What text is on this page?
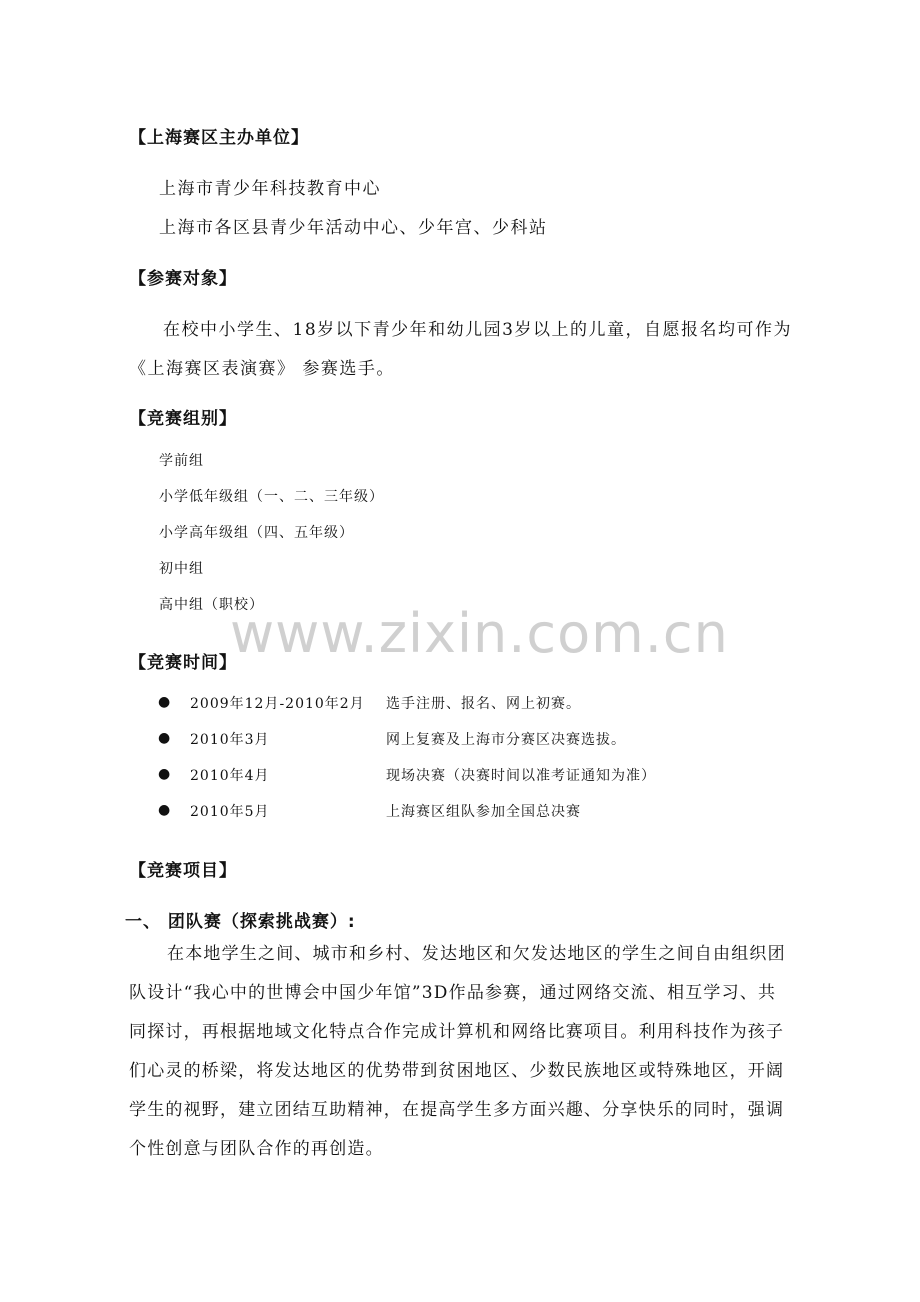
www.zixin.com.cn
【上海赛区主办单位】
上海市青少年科技教育中心
上海市各区县青少年活动中心、少年宫、少科站
【参赛对象】
在校中小学生、18岁以下青少年和幼儿园3岁以上的儿童，自愿报名均可作为
《上海赛区表演赛》 参赛选手。
【竞赛组别】
学前组
小学低年级组（一、二、三年级）
小学高年级组（四、五年级）
初中组
高中组（职校）
【竞赛时间】
● 2009年12月-2010年2月 选手注册、报名、网上初赛。
● 2010年3月	网上复赛及上海市分赛区决赛选拔。
● 2010年4月	现场决赛（决赛时间以准考证通知为准）
● 2010年5月	上海赛区组队参加全国总决赛
【竞赛项目】
一、 团队赛（探索挑战赛）:
在本地学生之间、城市和乡村、发达地区和欠发达地区的学生之间自由组织团
队设计“我心中的世博会中国少年馆”3D作品参赛，通过网络交流、相互学习、共
同探讨，再根据地域文化特点合作完成计算机和网络比赛项目。利用科技作为孩子
们心灵的桥梁，将发达地区的优势带到贫困地区、少数民族地区或特殊地区，开阔
学生的视野，建立团结互助精神，在提高学生多方面兴趣、分享快乐的同时，强调
个性创意与团队合作的再创造。
